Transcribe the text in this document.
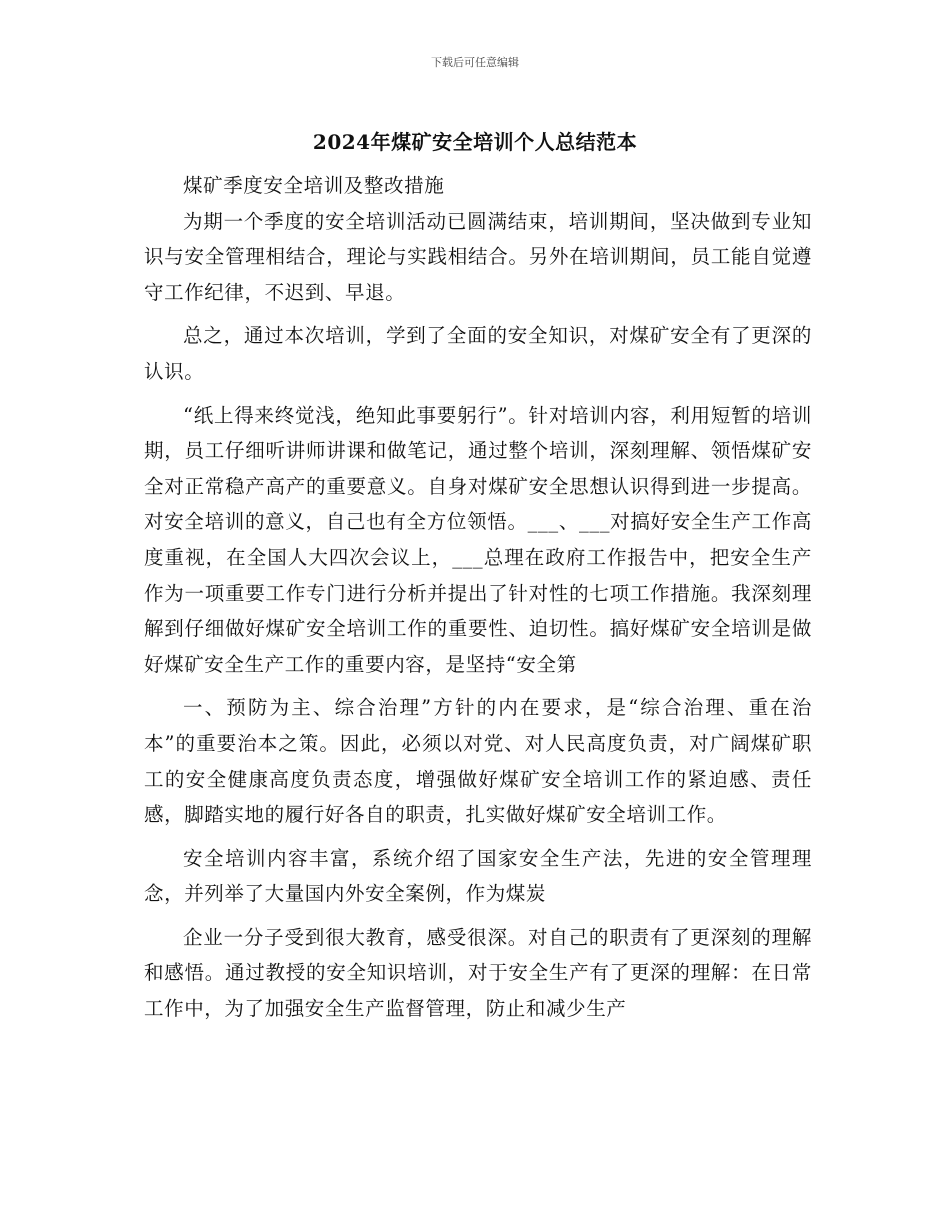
下载后可任意编辑
2024年煤矿安全培训个人总结范本

煤矿季度安全培训及整改措施

为期一个季度的安全培训活动已圆满结束，培训期间，坚决做到专业知识与安全管理相结合，理论与实践相结合。另外在培训期间，员工能自觉遵守工作纪律，不迟到、早退。

总之，通过本次培训，学到了全面的安全知识，对煤矿安全有了更深的认识。

“纸上得来终觉浅，绝知此事要躬行”。针对培训内容，利用短暂的培训期，员工仔细听讲师讲课和做笔记，通过整个培训，深刻理解、领悟煤矿安全对正常稳产高产的重要意义。自身对煤矿安全思想认识得到进一步提高。对安全培训的意义，自己也有全方位领悟。___、___对搞好安全生产工作高度重视，在全国人大四次会议上，___总理在政府工作报告中，把安全生产作为一项重要工作专门进行分析并提出了针对性的七项工作措施。我深刻理解到仔细做好煤矿安全培训工作的重要性、迫切性。搞好煤矿安全培训是做好煤矿安全生产工作的重要内容，是坚持“安全第

一、预防为主、综合治理”方针的内在要求，是“综合治理、重在治本”的重要治本之策。因此，必须以对党、对人民高度负责，对广阔煤矿职工的安全健康高度负责态度，增强做好煤矿安全培训工作的紧迫感、责任感，脚踏实地的履行好各自的职责，扎实做好煤矿安全培训工作。

安全培训内容丰富，系统介绍了国家安全生产法，先进的安全管理理念，并列举了大量国内外安全案例，作为煤炭

企业一分子受到很大教育，感受很深。对自己的职责有了更深刻的理解和感悟。通过教授的安全知识培训，对于安全生产有了更深的理解：在日常工作中，为了加强安全生产监督管理，防止和减少生产
